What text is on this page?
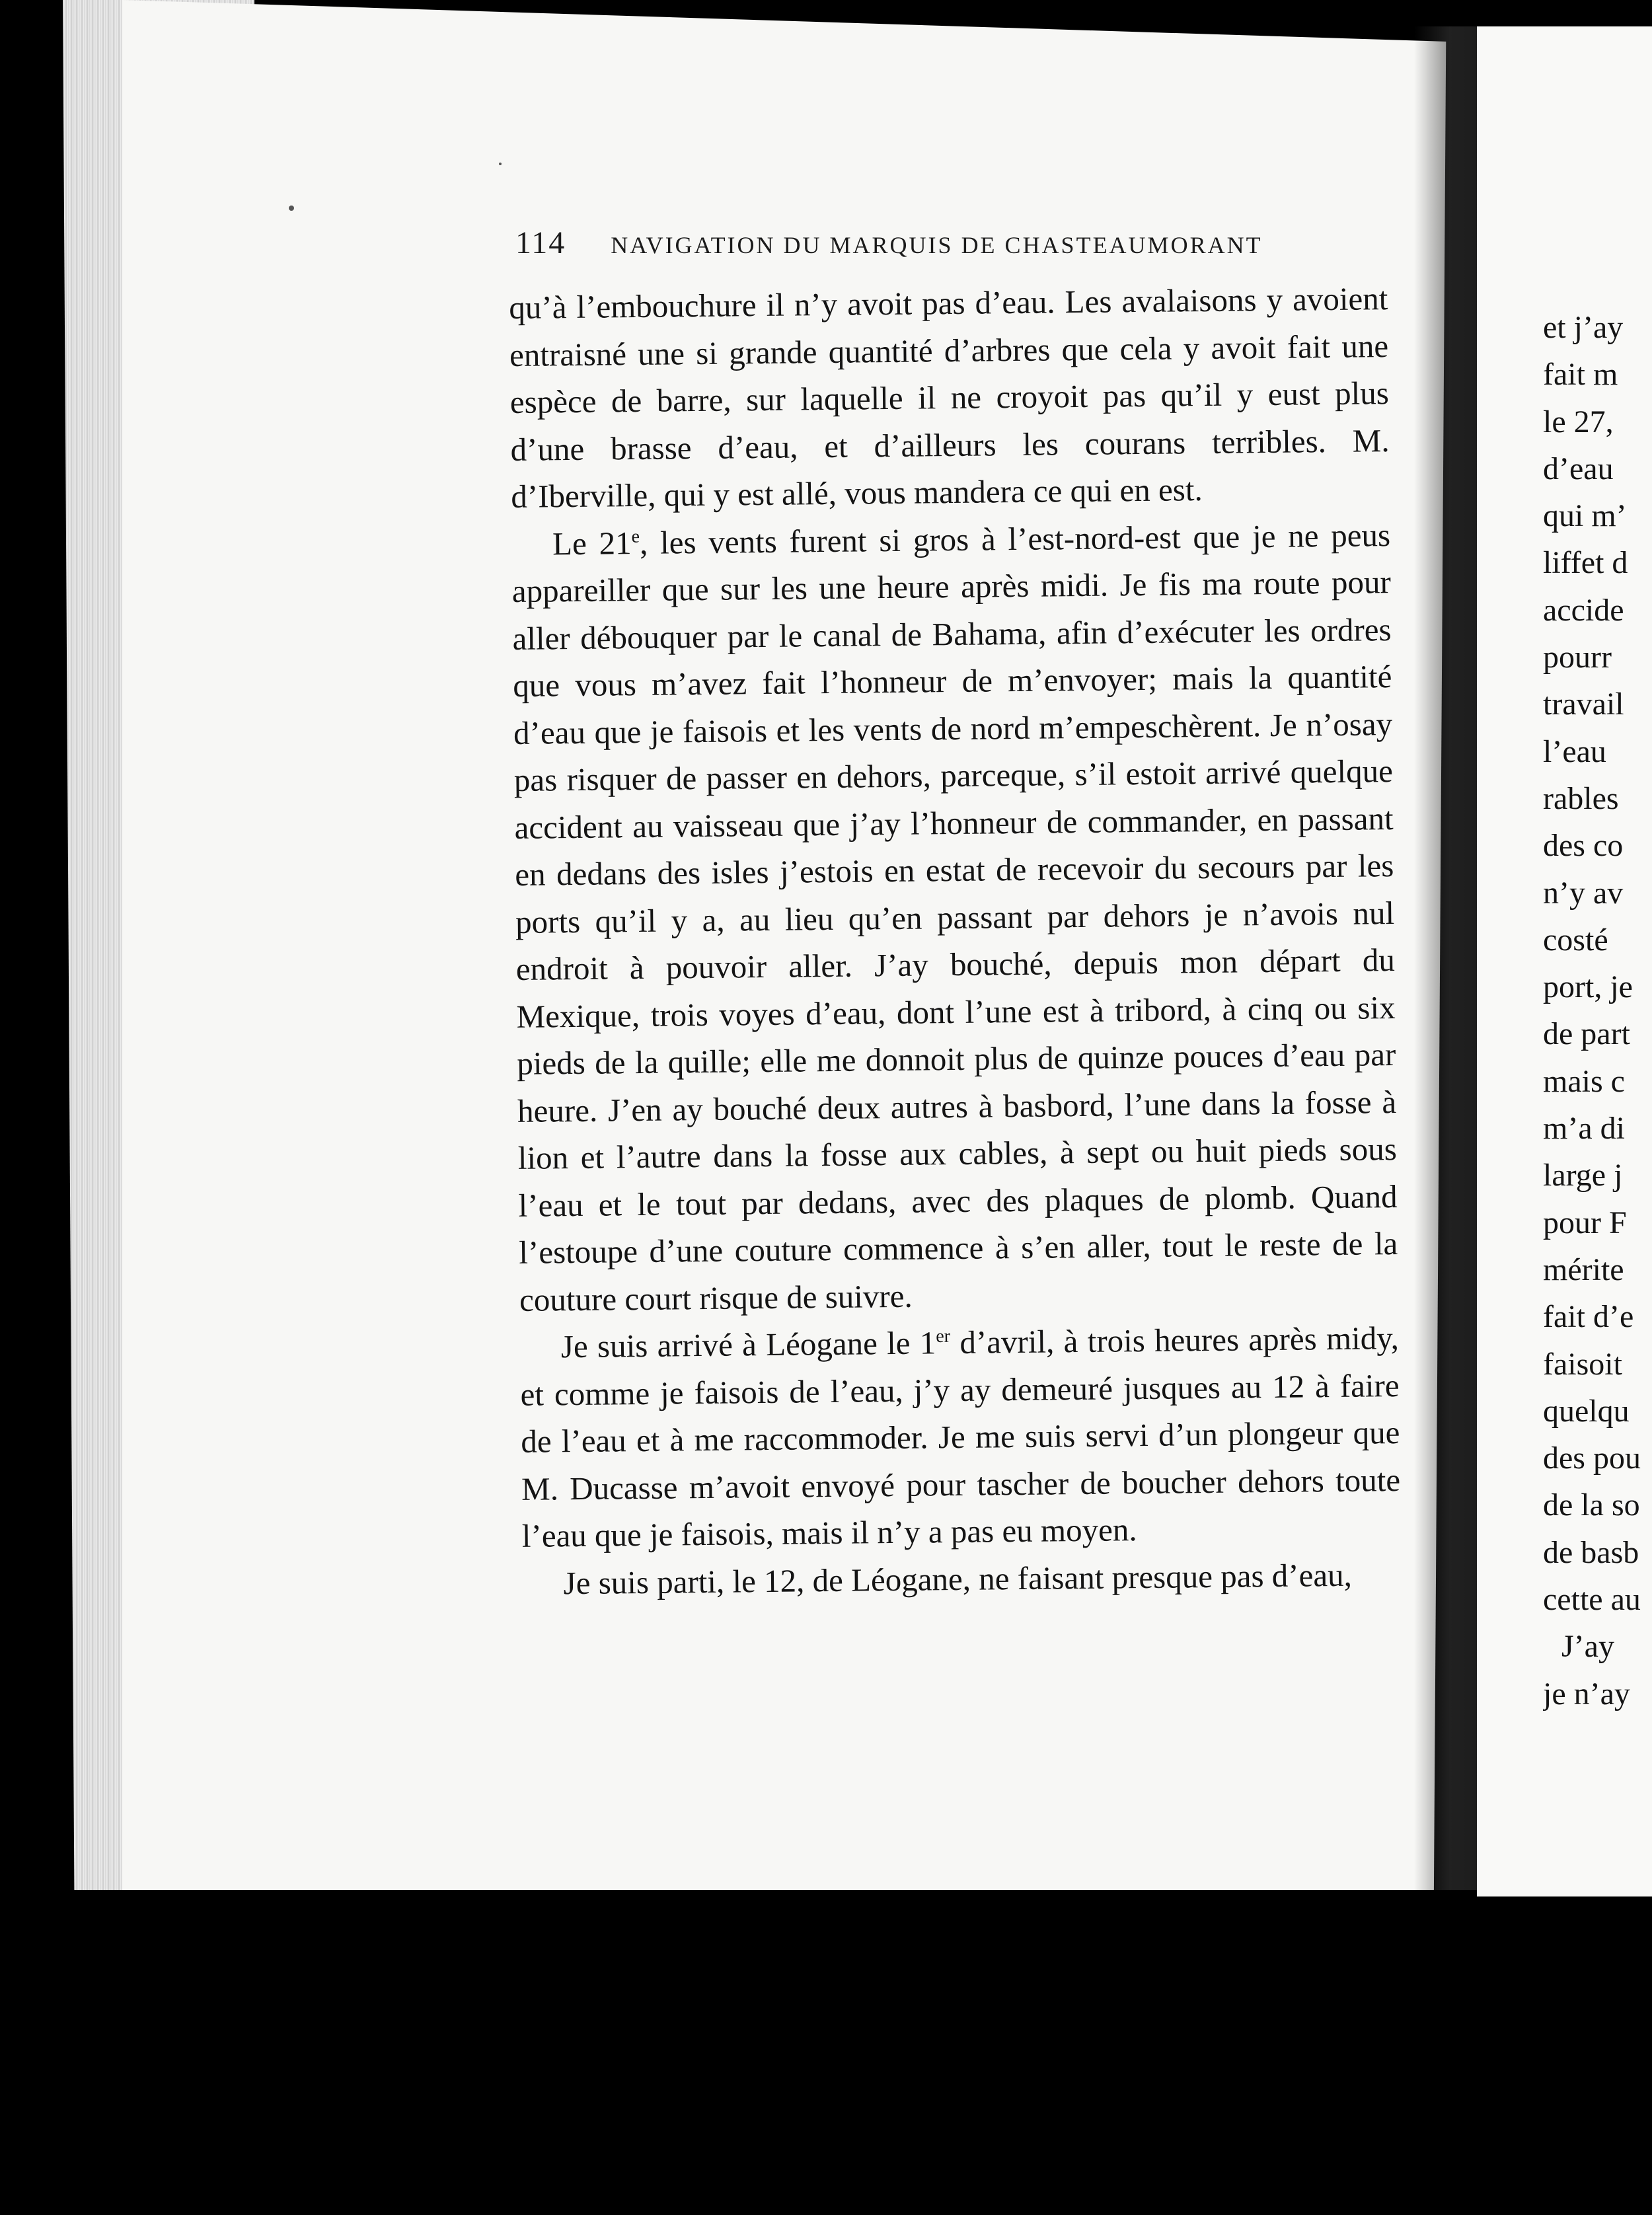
114 NAVIGATION DU MARQUIS DE CHASTEAUMORANT

qu’à l’embouchure il n’y avoit pas d’eau. Les avalaisons y avoient entraisné une si grande quantité d’arbres que cela y avoit fait une espèce de barre, sur laquelle il ne croyoit pas qu’il y eust plus d’une brasse d’eau, et d’ailleurs les courans terribles. M. d’Iberville, qui y est allé, vous mandera ce qui en est.

Le 21e, les vents furent si gros à l’est-nord-est que je ne peus appareiller que sur les une heure après midi. Je fis ma route pour aller débouquer par le canal de Bahama, afin d’exécuter les ordres que vous m’avez fait l’honneur de m’envoyer; mais la quantité d’eau que je faisois et les vents de nord m’empeschèrent. Je n’osay pas risquer de passer en dehors, parceque, s’il estoit arrivé quelque accident au vaisseau que j’ay l’honneur de commander, en passant en dedans des isles j’estois en estat de recevoir du secours par les ports qu’il y a, au lieu qu’en passant par dehors je n’avois nul endroit à pouvoir aller. J’ay bouché, depuis mon départ du Mexique, trois voyes d’eau, dont l’une est à tribord, à cinq ou six pieds de la quille; elle me donnoit plus de quinze pouces d’eau par heure. J’en ay bouché deux autres à basbord, l’une dans la fosse à lion et l’autre dans la fosse aux cables, à sept ou huit pieds sous l’eau et le tout par dedans, avec des plaques de plomb. Quand l’estoupe d’une couture commence à s’en aller, tout le reste de la couture court risque de suivre.

Je suis arrivé à Léogane le 1er d’avril, à trois heures après midy, et comme je faisois de l’eau, j’y ay demeuré jusques au 12 à faire de l’eau et à me raccommoder. Je me suis servi d’un plongeur que M. Ducasse m’avoit envoyé pour tascher de boucher dehors toute l’eau que je faisois, mais il n’y a pas eu moyen.

Je suis parti, le 12, de Léogane, ne faisant presque pas d’eau,

et j’ay
fait m
le 27,
d’eau
qui m’
liffet d
accide
pourr
travail
l’eau
rables
des co
n’y av
costé
port, je
de part
mais c
m’a di
large j
pour F
mérite
fait d’e
faisoit
quelqu
des pou
de la so
de basb
cette au
J’ay
je n’ay
